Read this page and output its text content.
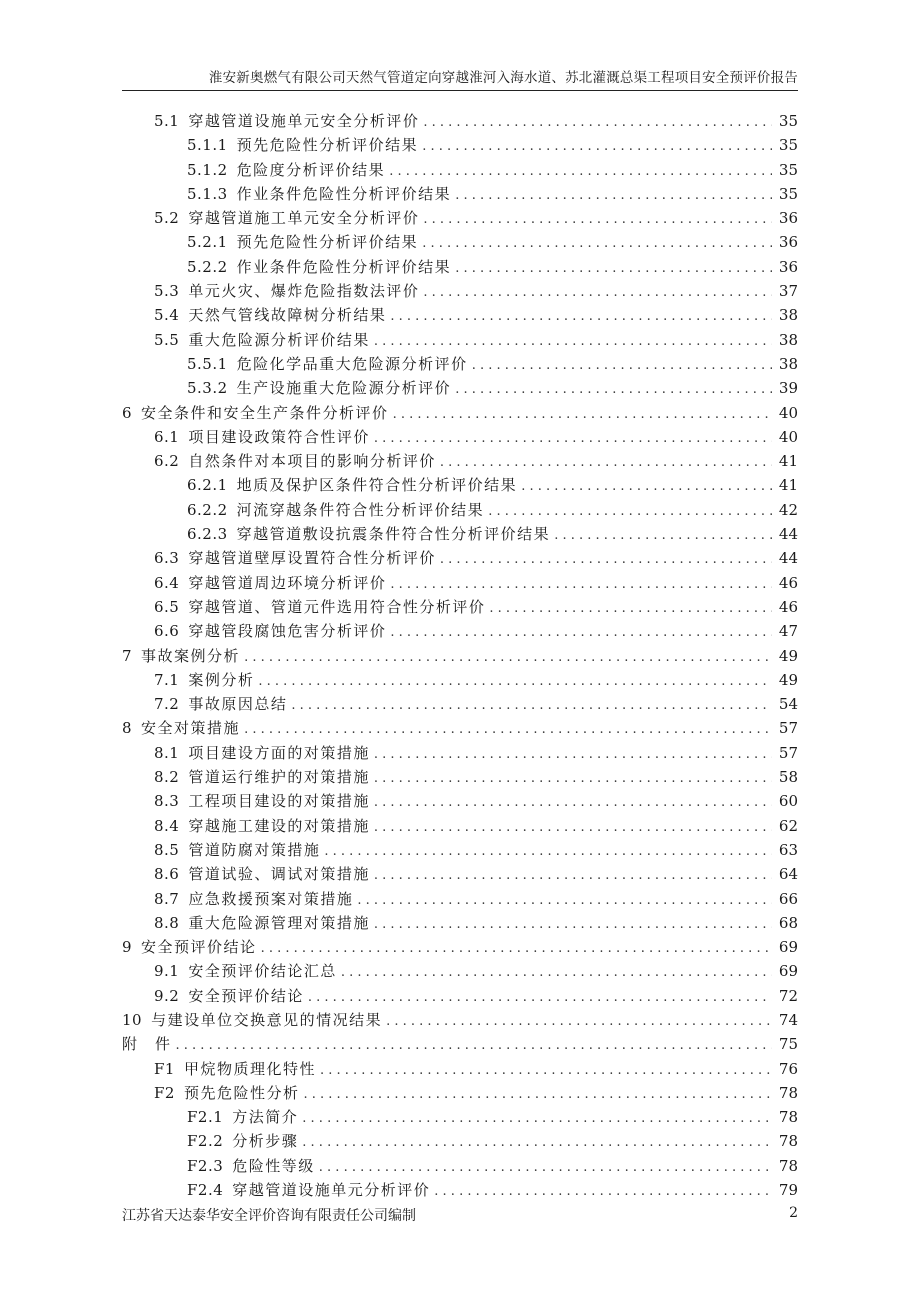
淮安新奥燃气有限公司天然气管道定向穿越淮河入海水道、苏北灌溉总渠工程项目安全预评价报告
5.1 穿越管道设施单元安全分析评价 . . .	35
5.1.1 预先危险性分析评价结果 . . .	35
5.1.2 危险度分析评价结果 . . .	35
5.1.3 作业条件危险性分析评价结果 . . .	35
5.2 穿越管道施工单元安全分析评价 . . .	36
5.2.1 预先危险性分析评价结果 . . .	36
5.2.2 作业条件危险性分析评价结果 . . .	36
5.3 单元火灾、爆炸危险指数法评价 . . .	37
5.4 天然气管线故障树分析结果 . . .	38
5.5 重大危险源分析评价结果 . . .	38
5.5.1 危险化学品重大危险源分析评价 . . .	38
5.3.2 生产设施重大危险源分析评价 . . .	39
6 安全条件和安全生产条件分析评价 . . .	40
6.1 项目建设政策符合性评价 . . .	40
6.2 自然条件对本项目的影响分析评价 . . .	41
6.2.1 地质及保护区条件符合性分析评价结果 . . .	41
6.2.2 河流穿越条件符合性分析评价结果 . . .	42
6.2.3 穿越管道敷设抗震条件符合性分析评价结果 . . .	44
6.3 穿越管道壁厚设置符合性分析评价 . . .	44
6.4 穿越管道周边环境分析评价 . . .	46
6.5 穿越管道、管道元件选用符合性分析评价 . . .	46
6.6 穿越管段腐蚀危害分析评价 . . .	47
7 事故案例分析 . . .	49
7.1 案例分析 . . .	49
7.2 事故原因总结 . . .	54
8 安全对策措施 . . .	57
8.1 项目建设方面的对策措施 . . .	57
8.2 管道运行维护的对策措施 . . .	58
8.3 工程项目建设的对策措施 . . .	60
8.4 穿越施工建设的对策措施 . . .	62
8.5 管道防腐对策措施 . . .	63
8.6 管道试验、调试对策措施 . . .	64
8.7 应急救援预案对策措施 . . .	66
8.8 重大危险源管理对策措施 . . .	68
9 安全预评价结论 . . .	69
9.1 安全预评价结论汇总 . . .	69
9.2 安全预评价结论 . . .	72
10 与建设单位交换意见的情况结果 . . .	74
附　件 . . .	75
F1 甲烷物质理化特性 . . .	76
F2 预先危险性分析 . . .	78
F2.1 方法简介 . . .	78
F2.2 分析步骤 . . .	78
F2.3 危险性等级 . . .	78
F2.4 穿越管道设施单元分析评价 . . .	79
江苏省天达泰华安全评价咨询有限责任公司编制	2
